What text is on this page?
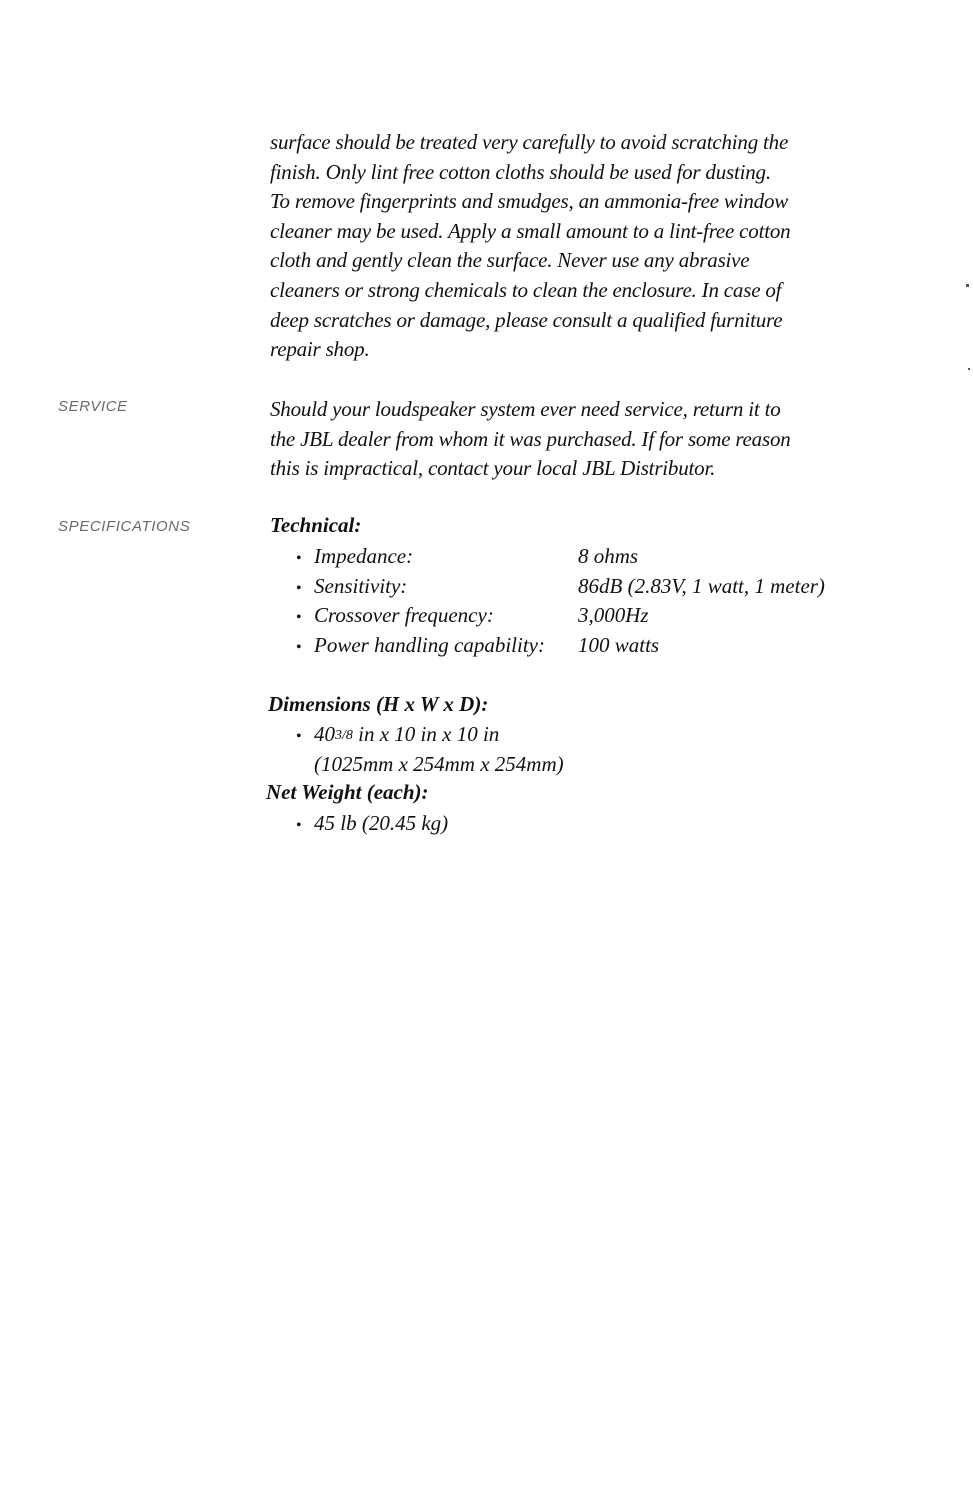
surface should be treated very carefully to avoid scratching the
finish. Only lint free cotton cloths should be used for dusting.
To remove fingerprints and smudges, an ammonia-free window
cleaner may be used. Apply a small amount to a lint-free cotton
cloth and gently clean the surface. Never use any abrasive
cleaners or strong chemicals to clean the enclosure. In case of
deep scratches or damage, please consult a qualified furniture
repair shop.
SERVICE	Should your loudspeaker system ever need service, return it to
the JBL dealer from whom it was purchased. If for some reason
this is impractical, contact your local JBL Distributor.
SPECIFICATIONS	Technical:
• Impedance:	8 ohms
• Sensitivity:	86dB (2.83V, 1 watt, 1 meter)
• Crossover frequency:	3,000Hz
• Power handling capability: 100 watts
Dimensions (H x W x D):
• 403/8 in x 10 in x 10 in
(1025mm x 254mm x 254mm)
Net Weight (each):
• 45 lb (20.45 kg)
